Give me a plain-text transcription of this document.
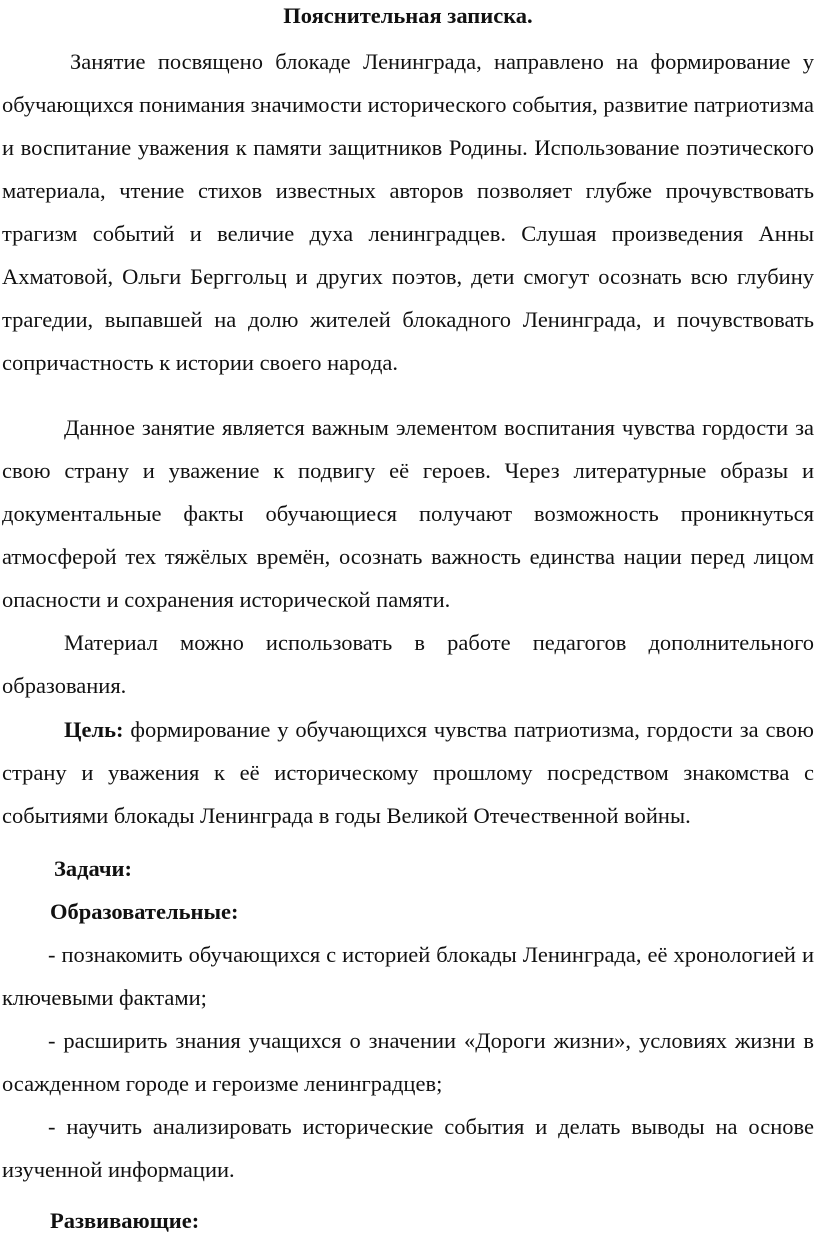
Пояснительная записка.

Занятие посвящено блокаде Ленинграда, направлено на формирование у обучающихся понимания значимости исторического события, развитие патриотизма и воспитание уважения к памяти защитников Родины. Использование поэтического материала, чтение стихов известных авторов позволяет глубже прочувствовать трагизм событий и величие духа ленинградцев. Слушая произведения Анны Ахматовой, Ольги Берггольц и других поэтов, дети смогут осознать всю глубину трагедии, выпавшей на долю жителей блокадного Ленинграда, и почувствовать сопричастность к истории своего народа.

Данное занятие является важным элементом воспитания чувства гордости за свою страну и уважение к подвигу её героев. Через литературные образы и документальные факты обучающиеся получают возможность проникнуться атмосферой тех тяжёлых времён, осознать важность единства нации перед лицом опасности и сохранения исторической памяти.

Материал можно использовать в работе педагогов дополнительного образования.

Цель: формирование у обучающихся чувства патриотизма, гордости за свою страну и уважения к её историческому прошлому посредством знакомства с событиями блокады Ленинграда в годы Великой Отечественной войны.

Задачи:

Образовательные:

- познакомить обучающихся с историей блокады Ленинграда, её хронологией и ключевыми фактами;

- расширить знания учащихся о значении «Дороги жизни», условиях жизни в осажденном городе и героизме ленинградцев;

- научить анализировать исторические события и делать выводы на основе изученной информации.

Развивающие:
